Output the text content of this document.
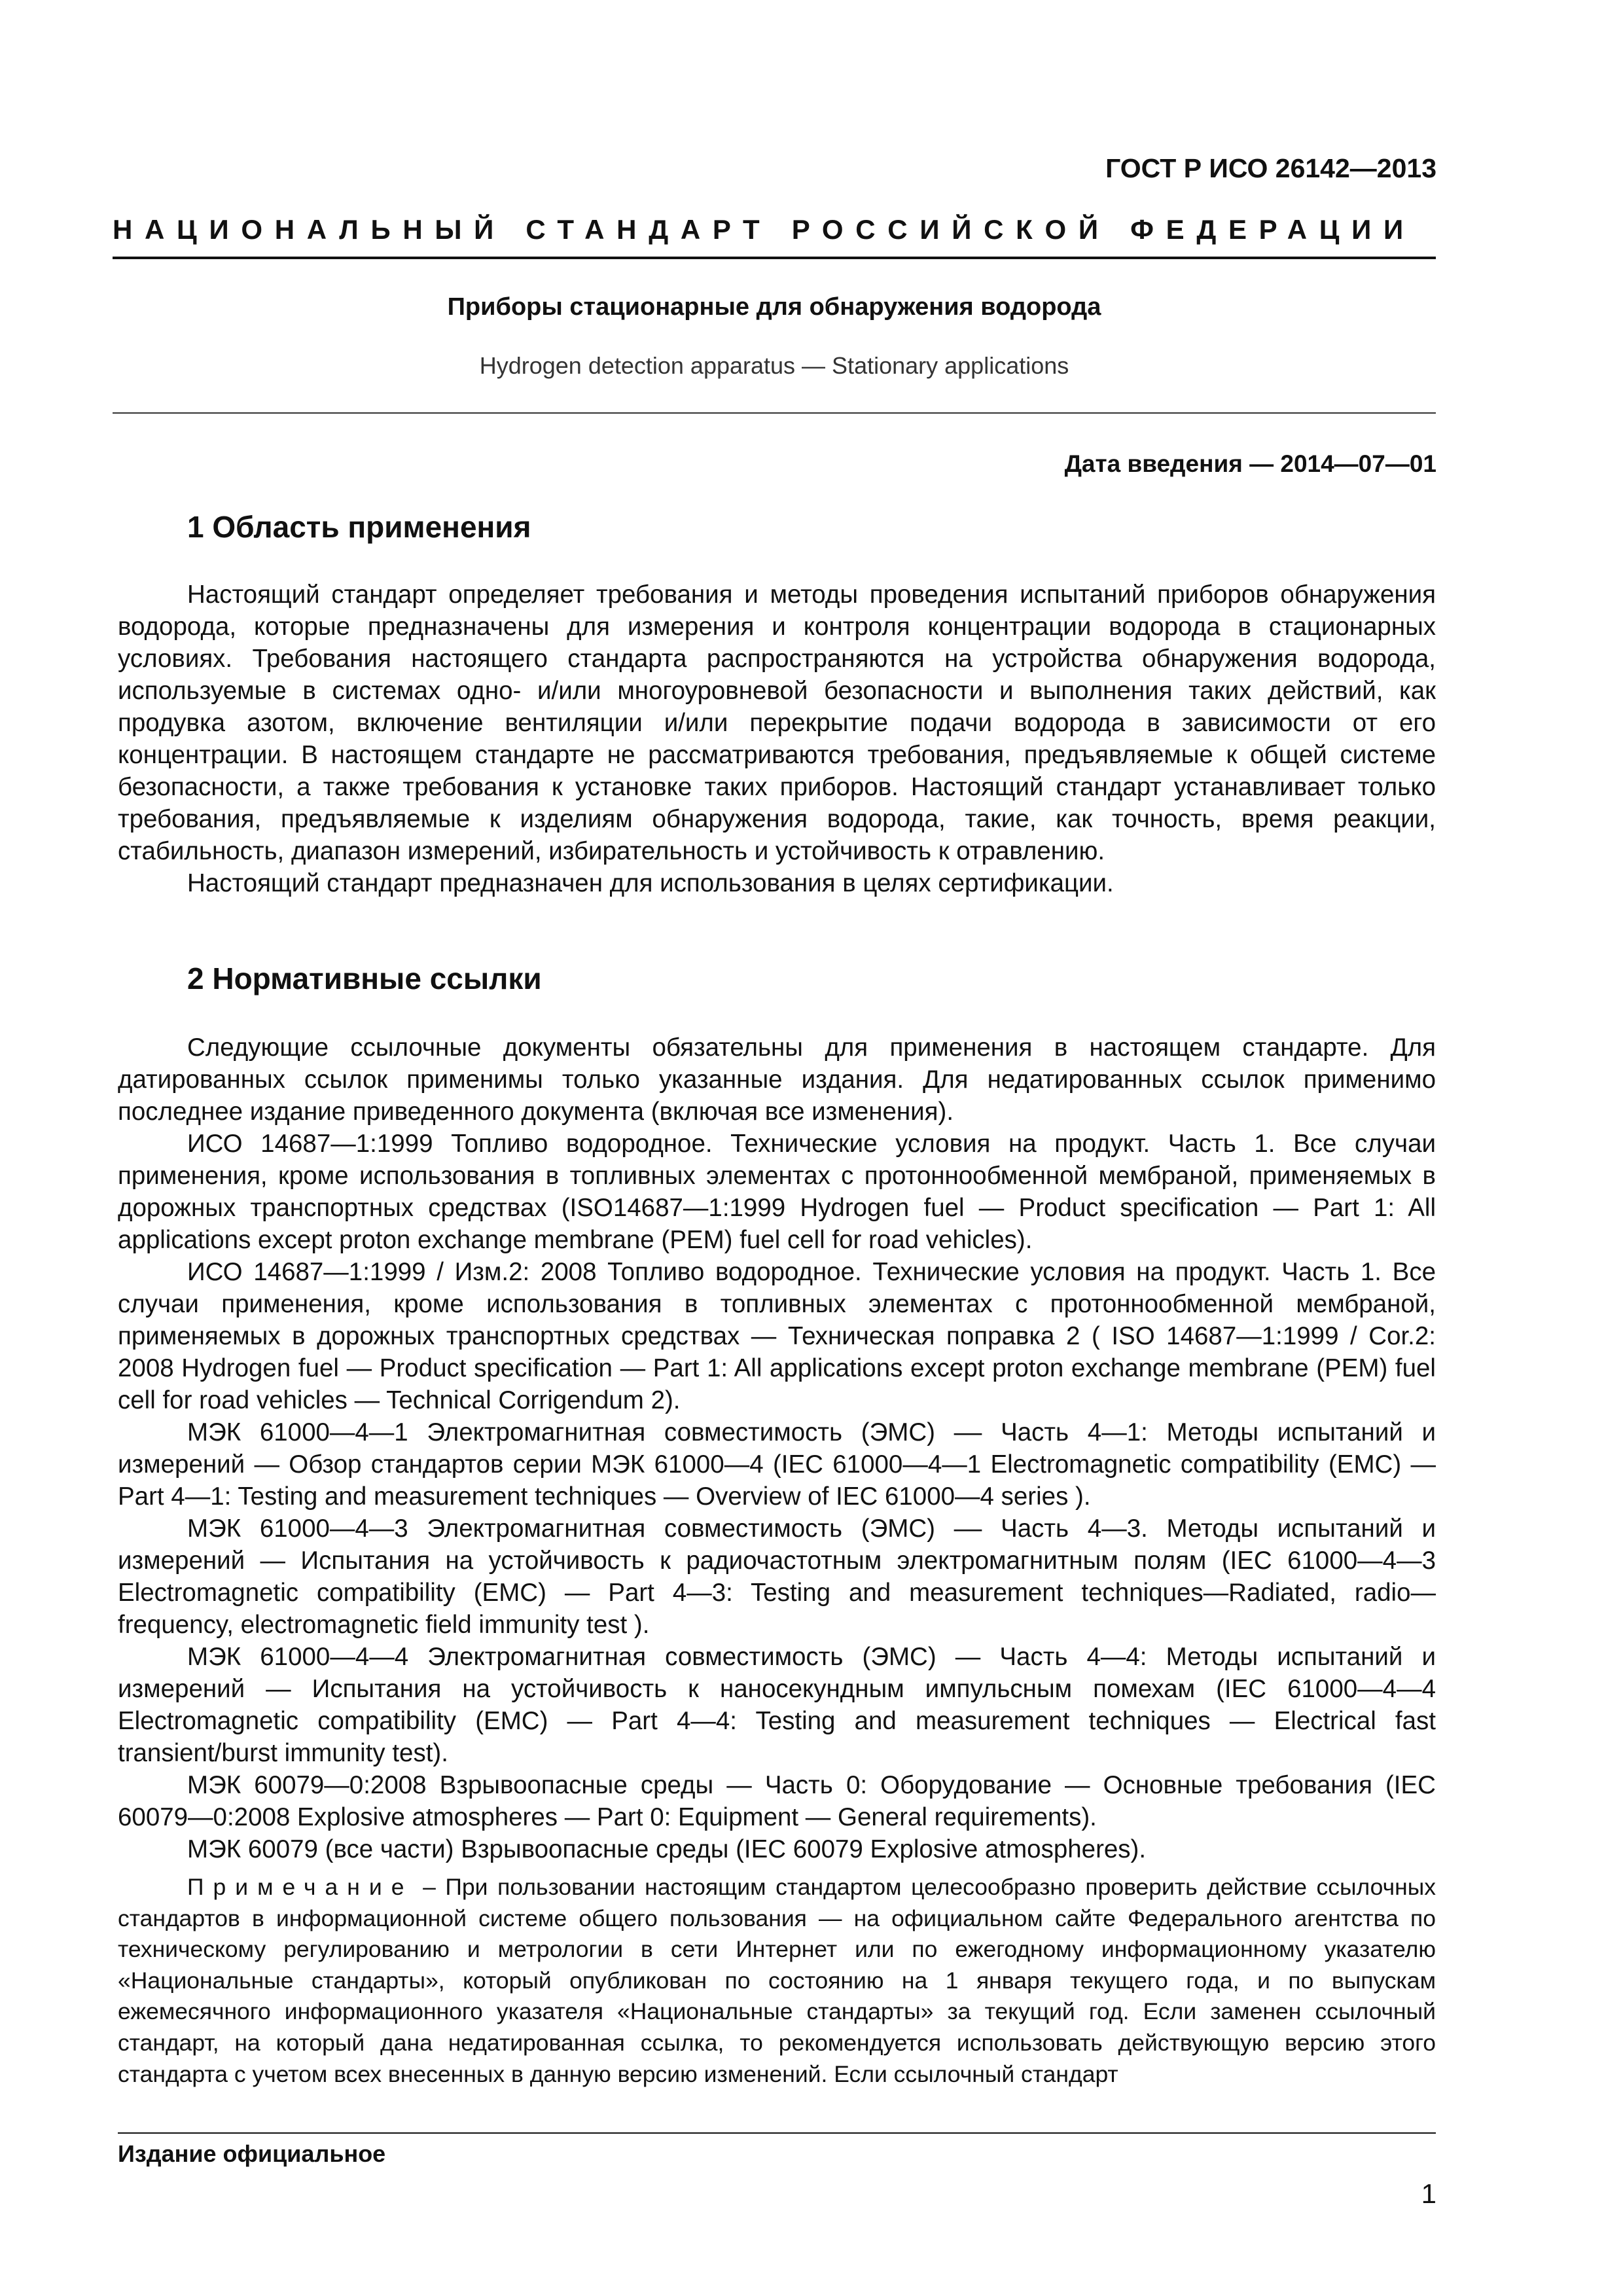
ГОСТ Р ИСО 26142—2013
НАЦИОНАЛЬНЫЙ СТАНДАРТ РОССИЙСКОЙ ФЕДЕРАЦИИ
Приборы стационарные для обнаружения водорода
Hydrogen detection apparatus — Stationary applications
Дата введения — 2014—07—01
1 Область применения

Настоящий стандарт определяет требования и методы проведения испытаний приборов обнаружения водорода, которые предназначены для измерения и контроля концентрации водорода в стационарных условиях. Требования настоящего стандарта распространяются на устройства обнаружения водорода, используемые в системах одно- и/или многоуровневой безопасности и выполнения таких действий, как продувка азотом, включение вентиляции и/или перекрытие подачи водорода в зависимости от его концентрации. В настоящем стандарте не рассматриваются требования, предъявляемые к общей системе безопасности, а также требования к установке таких приборов. Настоящий стандарт устанавливает только требования, предъявляемые к изделиям обнаружения водорода, такие, как точность, время реакции, стабильность, диапазон измерений, избирательность и устойчивость к отравлению.

Настоящий стандарт предназначен для использования в целях сертификации.

2 Нормативные ссылки

Следующие ссылочные документы обязательны для применения в настоящем стандарте. Для датированных ссылок применимы только указанные издания. Для недатированных ссылок применимо последнее издание приведенного документа (включая все изменения).

ИСО 14687—1:1999 Топливо водородное. Технические условия на продукт. Часть 1. Все случаи применения, кроме использования в топливных элементах с протоннообменной мембраной, применяемых в дорожных транспортных средствах (ISO14687—1:1999 Hydrogen fuel — Product specification — Part 1: All applications except proton exchange membrane (PEM) fuel cell for road vehicles).

ИСО 14687—1:1999 / Изм.2: 2008 Топливо водородное. Технические условия на продукт. Часть 1. Все случаи применения, кроме использования в топливных элементах с протоннообменной мембраной, применяемых в дорожных транспортных средствах — Техническая поправка 2 ( ISO 14687—1:1999 / Cor.2: 2008 Hydrogen fuel — Product specification — Part 1: All applications except proton exchange membrane (PEM) fuel cell for road vehicles — Technical Corrigendum 2).

МЭК 61000—4—1 Электромагнитная совместимость (ЭМС) –– Часть 4—1: Методы испытаний и измерений — Обзор стандартов серии МЭК 61000—4 (IEC 61000—4—1 Electromagnetic compatibility (EMC) — Part 4—1: Testing and measurement techniques — Overview of IEC 61000—4 series ).

МЭК 61000—4—3 Электромагнитная совместимость (ЭМС) –– Часть 4—3. Методы испытаний и измерений — Испытания на устойчивость к радиочастотным электромагнитным полям (IEC 61000—4—3 Electromagnetic compatibility (EMC) — Part 4—3: Testing and measurement techniques—Radiated, radio—frequency, electromagnetic field immunity test ).

МЭК 61000—4—4 Электромагнитная совместимость (ЭМС) — Часть 4—4: Методы испытаний и измерений — Испытания на устойчивость к наносекундным импульсным помехам (IEC 61000—4—4 Electromagnetic compatibility (EMC) — Part 4—4: Testing and measurement techniques — Electrical fast transient/burst immunity test).

МЭК 60079—0:2008 Взрывоопасные среды — Часть 0: Оборудование — Основные требования (IEC 60079—0:2008 Explosive atmospheres — Part 0: Equipment — General requirements).

МЭК 60079 (все части) Взрывоопасные среды (IEC 60079 Explosive atmospheres).

Примечание – При пользовании настоящим стандартом целесообразно проверить действие ссылочных стандартов в информационной системе общего пользования — на официальном сайте Федерального агентства по техническому регулированию и метрологии в сети Интернет или по ежегодному информационному указателю «Национальные стандарты», который опубликован по состоянию на 1 января текущего года, и по выпускам ежемесячного информационного указателя «Национальные стандарты» за текущий год. Если заменен ссылочный стандарт, на который дана недатированная ссылка, то рекомендуется использовать действующую версию этого стандарта с учетом всех внесенных в данную версию изменений. Если ссылочный стандарт
Издание официальное
1
